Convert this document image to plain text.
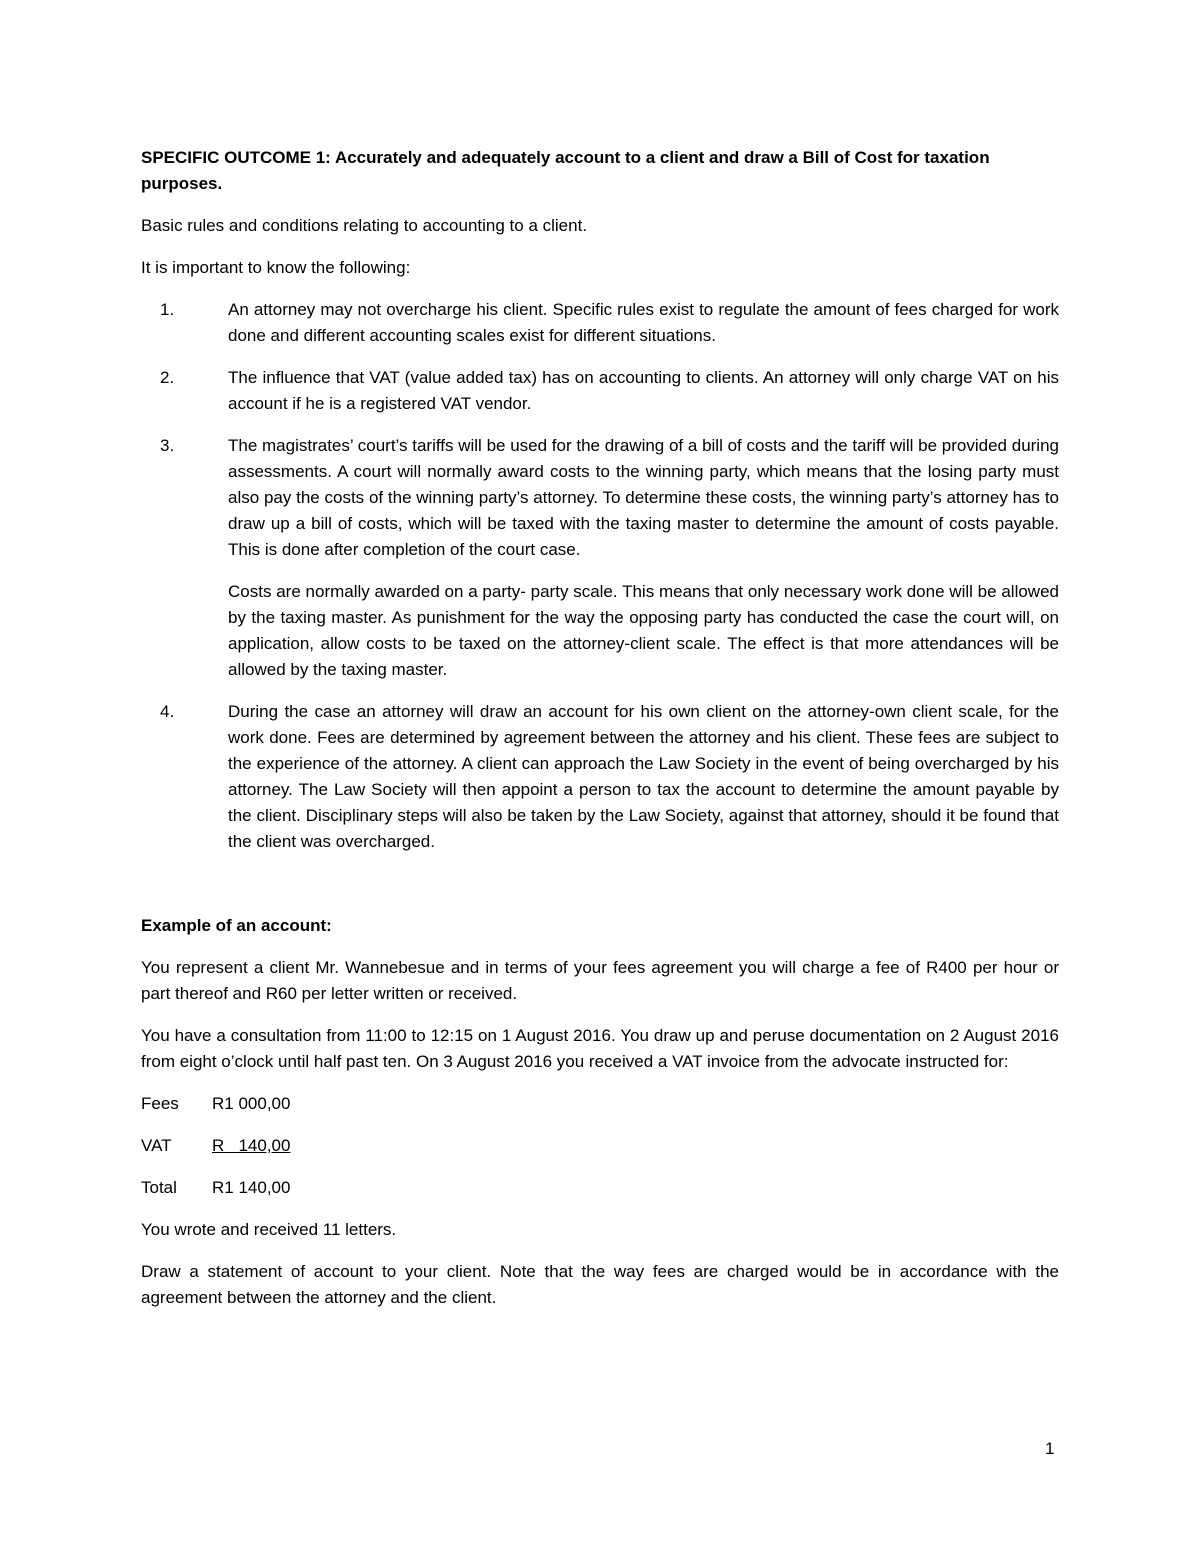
SPECIFIC OUTCOME 1: Accurately and adequately account to a client and draw a Bill of Cost for taxation purposes.

Basic rules and conditions relating to accounting to a client.

It is important to know the following:

1.	An attorney may not overcharge his client. Specific rules exist to regulate the amount of fees charged for work done and different accounting scales exist for different situations.

2.	The influence that VAT (value added tax) has on accounting to clients. An attorney will only charge VAT on his account if he is a registered VAT vendor.

3.	The magistrates’ court’s tariffs will be used for the drawing of a bill of costs and the tariff will be provided during assessments. A court will normally award costs to the winning party, which means that the losing party must also pay the costs of the winning party’s attorney. To determine these costs, the winning party’s attorney has to draw up a bill of costs, which will be taxed with the taxing master to determine the amount of costs payable. This is done after completion of the court case.

Costs are normally awarded on a party- party scale. This means that only necessary work done will be allowed by the taxing master. As punishment for the way the opposing party has conducted the case the court will, on application, allow costs to be taxed on the attorney-client scale. The effect is that more attendances will be allowed by the taxing master.

4.	During the case an attorney will draw an account for his own client on the attorney-own client scale, for the work done. Fees are determined by agreement between the attorney and his client. These fees are subject to the experience of the attorney. A client can approach the Law Society in the event of being overcharged by his attorney. The Law Society will then appoint a person to tax the account to determine the amount payable by the client. Disciplinary steps will also be taken by the Law Society, against that attorney, should it be found that the client was overcharged.

Example of an account:

You represent a client Mr. Wannebesue and in terms of your fees agreement you will charge a fee of R400 per hour or part thereof and R60 per letter written or received.

You have a consultation from 11:00 to 12:15 on 1 August 2016. You draw up and peruse documentation on 2 August 2016 from eight o’clock until half past ten. On 3 August 2016 you received a VAT invoice from the advocate instructed for:

Fees	R1 000,00
VAT	R   140,00
Total	R1 140,00

You wrote and received 11 letters.

Draw a statement of account to your client. Note that the way fees are charged would be in accordance with the agreement between the attorney and the client.

1
